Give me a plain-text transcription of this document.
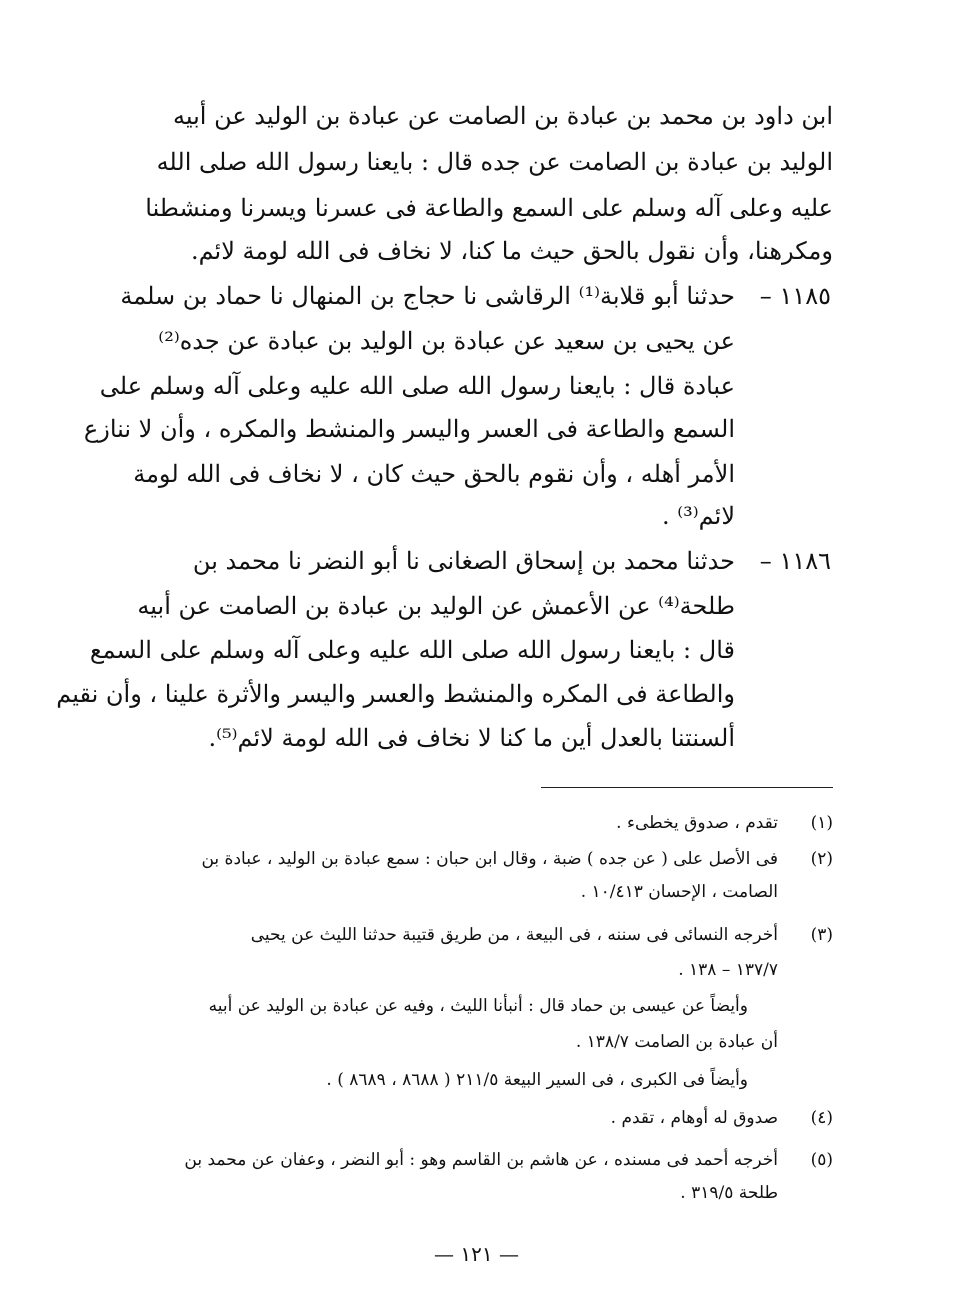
ابن داود بن محمد بن عبادة بن الصامت عن عبادة بن الوليد عن أبيه
الوليد بن عبادة بن الصامت عن جده قال : بايعنا رسول الله صلى الله
عليه وعلى آله وسلم على السمع والطاعة فى عسرنا ويسرنا ومنشطنا
ومكرهنا، وأن نقول بالحق حيث ما كنا، لا نخاف فى الله لومة لائم.
١١٨٥ –
حدثنا أبو قلابة⁽¹⁾ الرقاشى نا حجاج بن المنهال نا حماد بن سلمة
عن يحيى بن سعيد عن عبادة بن الوليد بن عبادة عن جده⁽²⁾
عبادة قال : بايعنا رسول الله صلى الله عليه وعلى آله وسلم على
السمع والطاعة فى العسر واليسر والمنشط والمكره ، وأن لا ننازع
الأمر أهله ، وأن نقوم بالحق حيث كان ، لا نخاف فى الله لومة
لائم⁽³⁾ .
١١٨٦ –
حدثنا محمد بن إسحاق الصغانى نا أبو النضر نا محمد بن
طلحة⁽⁴⁾ عن الأعمش عن الوليد بن عبادة بن الصامت عن أبيه
قال : بايعنا رسول الله صلى الله عليه وعلى آله وسلم على السمع
والطاعة فى المكره والمنشط والعسر واليسر والأثرة علينا ، وأن نقيم
ألسنتنا بالعدل أين ما كنا لا نخاف فى الله لومة لائم⁽⁵⁾.
(١)
تقدم ، صدوق يخطىء .
(٢)
فى الأصل على ( عن جده ) ضبة ، وقال ابن حبان : سمع عبادة بن الوليد ، عبادة بن
الصامت ، الإحسان ١٠/٤١٣ .
(٣)
أخرجه النسائى فى سننه ، فى البيعة ، من طريق قتيبة حدثنا الليث عن يحيى
١٣٧/٧ – ١٣٨ .
وأيضاً عن عيسى بن حماد قال : أنبأنا الليث ، وفيه عن عبادة بن الوليد عن أبيه
أن عبادة بن الصامت ١٣٨/٧ .
وأيضاً فى الكبرى ، فى السير البيعة ٢١١/٥ ( ٨٦٨٨ ، ٨٦٨٩ ) .
(٤)
صدوق له أوهام ، تقدم .
(٥)
أخرجه أحمد فى مسنده ، عن هاشم بن القاسم وهو : أبو النضر ، وعفان عن محمد بن
طلحة ٣١٩/٥ .
— ١٢١ —
